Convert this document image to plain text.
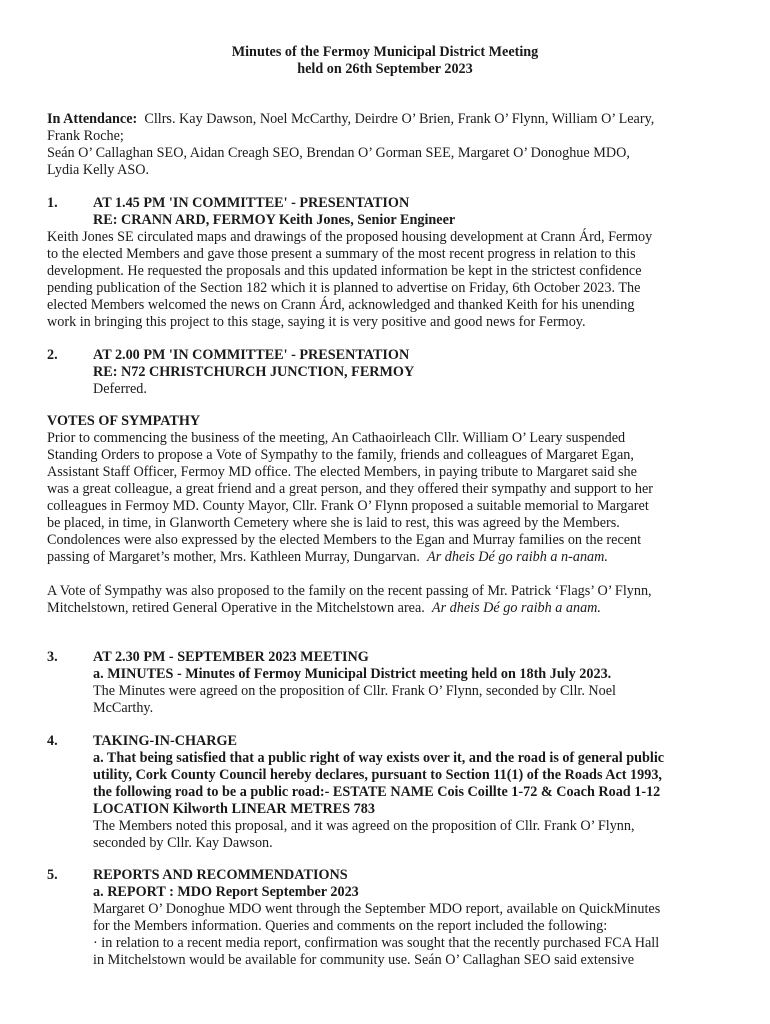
Minutes of the Fermoy Municipal District Meeting
held on 26th September 2023
In Attendance: Cllrs. Kay Dawson, Noel McCarthy, Deirdre O’ Brien, Frank O’ Flynn, William O’ Leary,
Frank Roche;
Seán O’ Callaghan SEO, Aidan Creagh SEO, Brendan O’ Gorman SEE, Margaret O’ Donoghue MDO,
Lydia Kelly ASO.
1.	AT 1.45 PM 'IN COMMITTEE' - PRESENTATION
RE: CRANN ARD, FERMOY Keith Jones, Senior Engineer
Keith Jones SE circulated maps and drawings of the proposed housing development at Crann Árd, Fermoy
to the elected Members and gave those present a summary of the most recent progress in relation to this
development. He requested the proposals and this updated information be kept in the strictest confidence
pending publication of the Section 182 which it is planned to advertise on Friday, 6th October 2023. The
elected Members welcomed the news on Crann Árd, acknowledged and thanked Keith for his unending
work in bringing this project to this stage, saying it is very positive and good news for Fermoy.
2.	AT 2.00 PM 'IN COMMITTEE' - PRESENTATION
RE: N72 CHRISTCHURCH JUNCTION, FERMOY
Deferred.
VOTES OF SYMPATHY
Prior to commencing the business of the meeting, An Cathaoirleach Cllr. William O’ Leary suspended
Standing Orders to propose a Vote of Sympathy to the family, friends and colleagues of Margaret Egan,
Assistant Staff Officer, Fermoy MD office. The elected Members, in paying tribute to Margaret said she
was a great colleague, a great friend and a great person, and they offered their sympathy and support to her
colleagues in Fermoy MD. County Mayor, Cllr. Frank O’ Flynn proposed a suitable memorial to Margaret
be placed, in time, in Glanworth Cemetery where she is laid to rest, this was agreed by the Members.
Condolences were also expressed by the elected Members to the Egan and Murray families on the recent
passing of Margaret’s mother, Mrs. Kathleen Murray, Dungarvan. Ar dheis Dé go raibh a n-anam.

A Vote of Sympathy was also proposed to the family on the recent passing of Mr. Patrick ‘Flags’ O’ Flynn,
Mitchelstown, retired General Operative in the Mitchelstown area. Ar dheis Dé go raibh a anam.
3.	AT 2.30 PM - SEPTEMBER 2023 MEETING
a. MINUTES - Minutes of Fermoy Municipal District meeting held on 18th July 2023.
The Minutes were agreed on the proposition of Cllr. Frank O’ Flynn, seconded by Cllr. Noel
McCarthy.
4.	TAKING-IN-CHARGE
a. That being satisfied that a public right of way exists over it, and the road is of general public
utility, Cork County Council hereby declares, pursuant to Section 11(1) of the Roads Act 1993,
the following road to be a public road:- ESTATE NAME Cois Coillte 1-72 & Coach Road 1-12
LOCATION Kilworth LINEAR METRES 783
The Members noted this proposal, and it was agreed on the proposition of Cllr. Frank O’ Flynn,
seconded by Cllr. Kay Dawson.
5.	REPORTS AND RECOMMENDATIONS
a. REPORT : MDO Report September 2023
Margaret O’ Donoghue MDO went through the September MDO report, available on QuickMinutes
for the Members information. Queries and comments on the report included the following:
· in relation to a recent media report, confirmation was sought that the recently purchased FCA Hall
in Mitchelstown would be available for community use. Seán O’ Callaghan SEO said extensive
